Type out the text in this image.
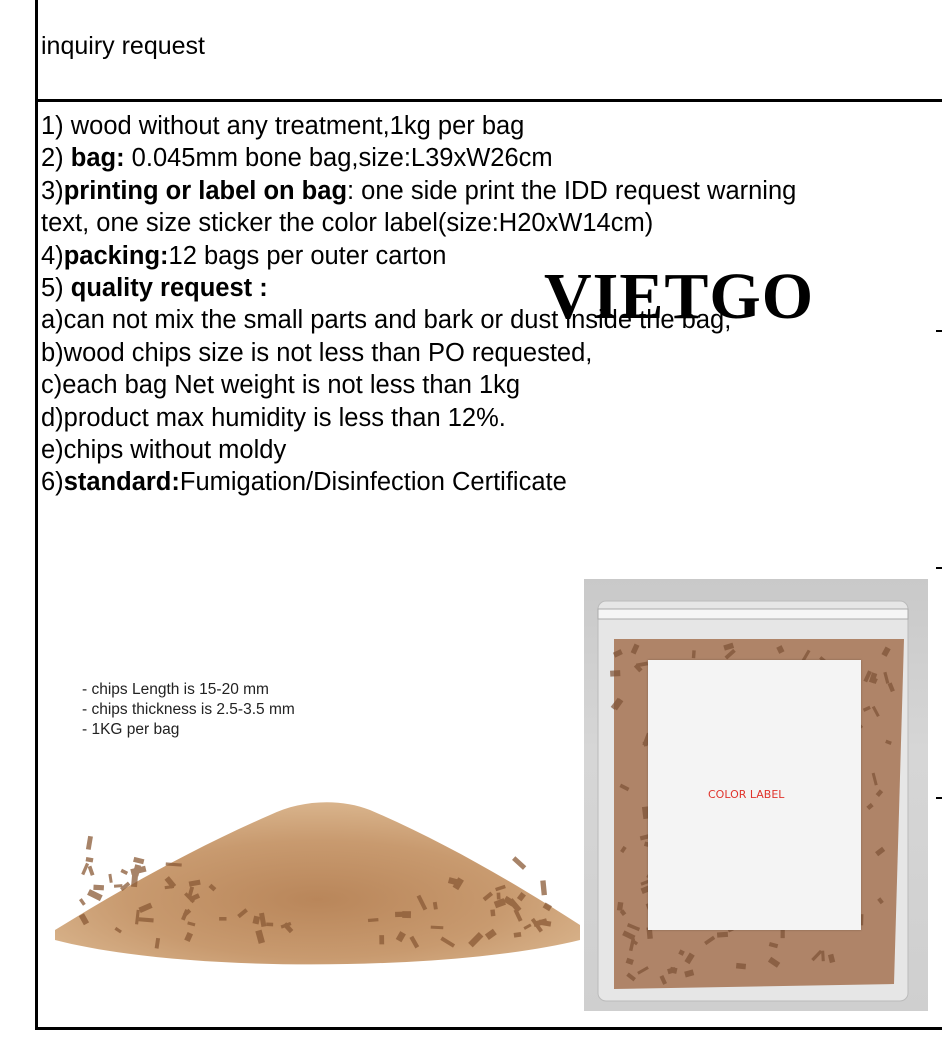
inquiry request
1) wood without any treatment,1kg per bag
2) bag: 0.045mm bone bag,size:L39xW26cm
3)printing or label on bag: one side print the IDD request warning
text, one size sticker the color label(size:H20xW14cm)
4)packing:12 bags per outer carton
5) quality request :
a)can not mix the small parts and bark or dust inside the bag,
b)wood chips size is not less than PO requested,
c)each bag Net weight is not less than 1kg
d)product max humidity is less than 12%.
e)chips without moldy
6)standard:Fumigation/Disinfection Certificate
VIETGO
- chips Length is 15-20 mm
- chips thickness is 2.5-3.5 mm
- 1KG per bag
COLOR LABEL
